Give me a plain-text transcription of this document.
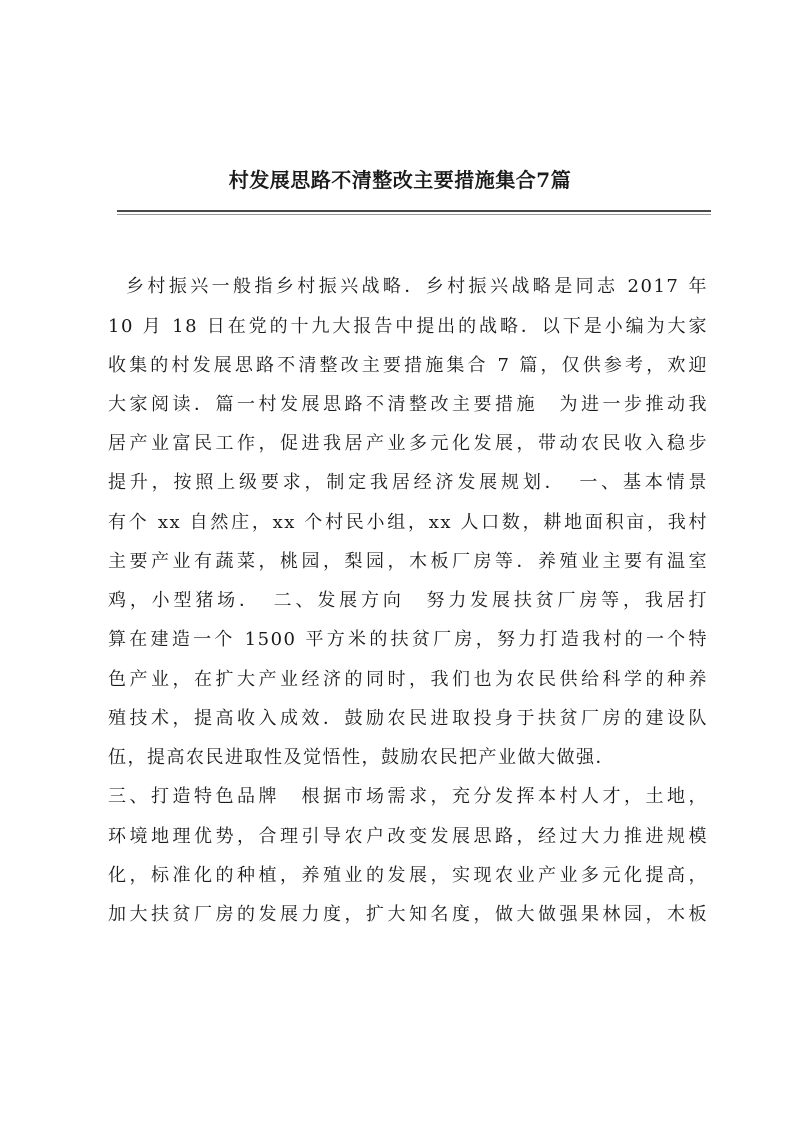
村发展思路不清整改主要措施集合7篇
乡村振兴一般指乡村振兴战略．乡村振兴战略是同志 2017 年
10 月 18 日在党的十九大报告中提出的战略．以下是小编为大家
收集的村发展思路不清整改主要措施集合 7 篇，仅供参考，欢迎
大家阅读．篇一村发展思路不清整改主要措施　为进一步推动我
居产业富民工作，促进我居产业多元化发展，带动农民收入稳步
提升，按照上级要求，制定我居经济发展规划．　一、基本情景
有个 xx 自然庄，xx 个村民小组，xx 人口数，耕地面积亩，我村
主要产业有蔬菜，桃园，梨园，木板厂房等．养殖业主要有温室
鸡，小型猪场．　二、发展方向　努力发展扶贫厂房等，我居打
算在建造一个 1500 平方米的扶贫厂房，努力打造我村的一个特
色产业，在扩大产业经济的同时，我们也为农民供给科学的种养
殖技术，提高收入成效．鼓励农民进取投身于扶贫厂房的建设队
伍，提高农民进取性及觉悟性，鼓励农民把产业做大做强．
三、打造特色品牌　根据市场需求，充分发挥本村人才，土地，
环境地理优势，合理引导农户改变发展思路，经过大力推进规模
化，标准化的种植，养殖业的发展，实现农业产业多元化提高，
加大扶贫厂房的发展力度，扩大知名度，做大做强果林园，木板
